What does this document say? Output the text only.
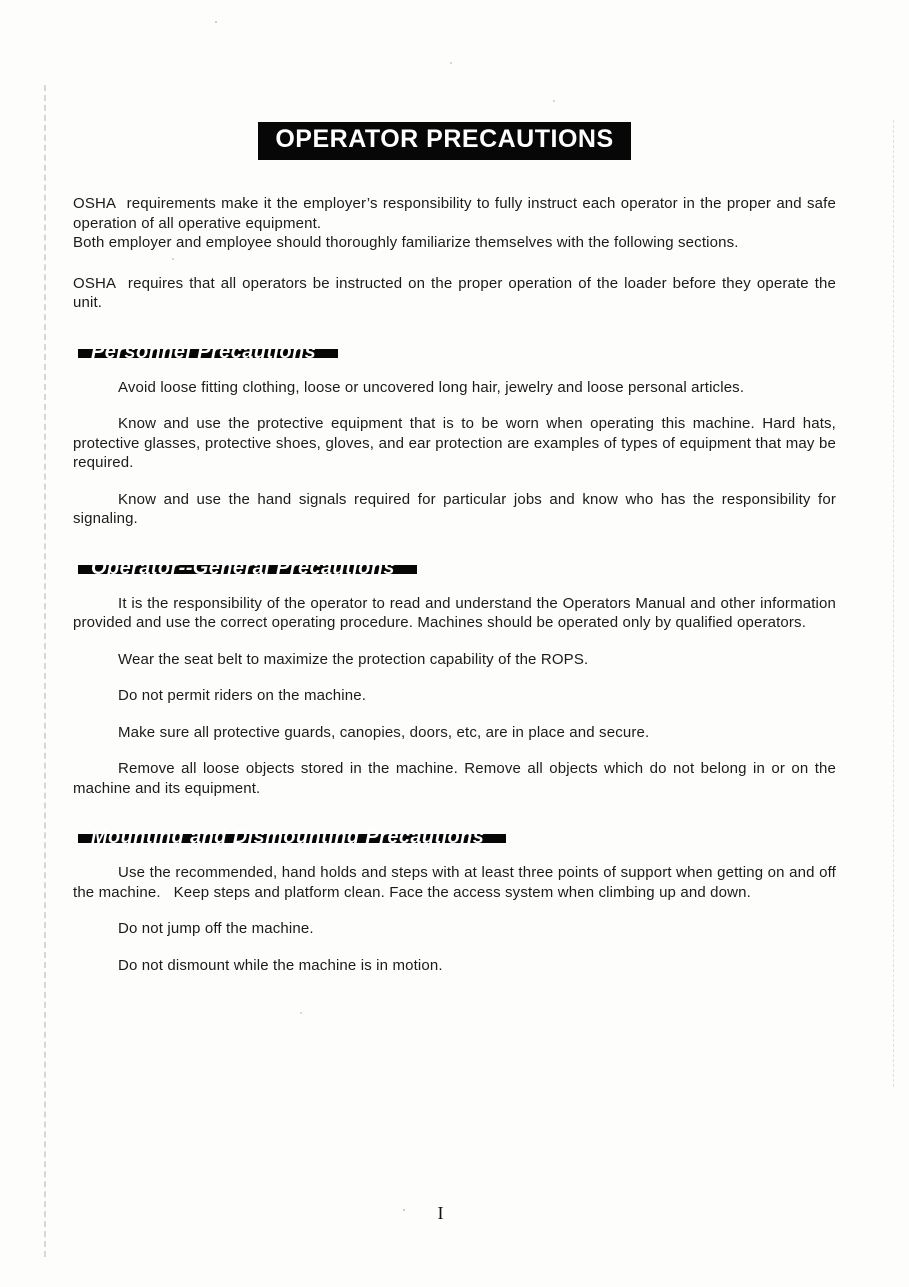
OPERATOR PRECAUTIONS

OSHA  requirements make it the employer’s responsibility to fully instruct each operator in the proper and safe operation of all operative equipment.

Both employer and employee should thoroughly familiarize themselves with the following sections.

OSHA  requires that all operators be instructed on the proper operation of the loader before they operate the unit.

Personnel Precautions

Avoid loose fitting clothing, loose or uncovered long hair, jewelry and loose personal articles.

Know and use the protective equipment that is to be worn when operating this machine. Hard hats, protective glasses, protective shoes, gloves, and ear protection are examples of types of equipment that may be required.

Know and use the hand signals required for particular jobs and know who has the responsibility for signaling.

Operator--General Precautions

It is the responsibility of the operator to read and understand the Operators Manual and other information provided and use the correct operating procedure. Machines should be operated only by qualified operators.

Wear the seat belt to maximize the protection capability of the ROPS.

Do not permit riders on the machine.

Make sure all protective guards, canopies, doors, etc, are in place and secure.

Remove all loose objects stored in the machine. Remove all objects which do not belong in or on the machine and its equipment.

Mounting and Dismounting Precautions

Use the recommended, hand holds and steps with at least three points of support when getting on and off the machine.   Keep steps and platform clean. Face the access system when climbing up and down.

Do not jump off the machine.

Do not dismount while the machine is in motion.

I
